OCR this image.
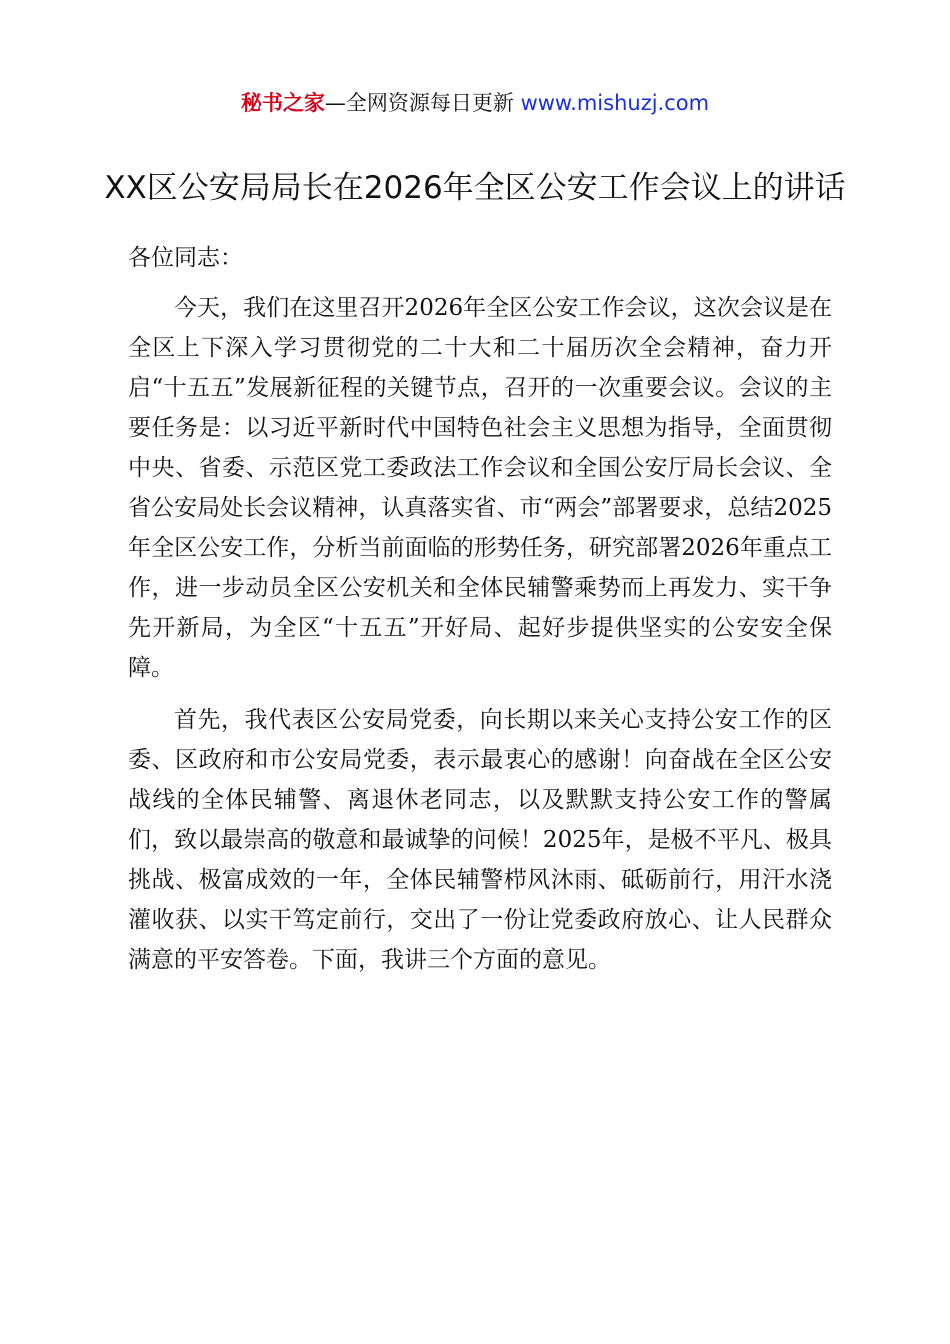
秘书之家—全网资源每日更新 www.mishuzj.com
XX区公安局局长在2026年全区公安工作会议上的讲话

各位同志：

今天，我们在这里召开2026年全区公安工作会议，这次会议是在全区上下深入学习贯彻党的二十大和二十届历次全会精神，奋力开启“十五五”发展新征程的关键节点，召开的一次重要会议。会议的主要任务是：以习近平新时代中国特色社会主义思想为指导，全面贯彻中央、省委、示范区党工委政法工作会议和全国公安厅局长会议、全省公安局处长会议精神，认真落实省、市“两会”部署要求，总结2025年全区公安工作，分析当前面临的形势任务，研究部署2026年重点工作，进一步动员全区公安机关和全体民辅警乘势而上再发力、实干争先开新局，为全区“十五五”开好局、起好步提供坚实的公安安全保障。

首先，我代表区公安局党委，向长期以来关心支持公安工作的区委、区政府和市公安局党委，表示最衷心的感谢！向奋战在全区公安战线的全体民辅警、离退休老同志，以及默默支持公安工作的警属们，致以最崇高的敬意和最诚挚的问候！2025年，是极不平凡、极具挑战、极富成效的一年，全体民辅警栉风沐雨、砥砺前行，用汗水浇灌收获、以实干笃定前行，交出了一份让党委政府放心、让人民群众满意的平安答卷。下面，我讲三个方面的意见。
